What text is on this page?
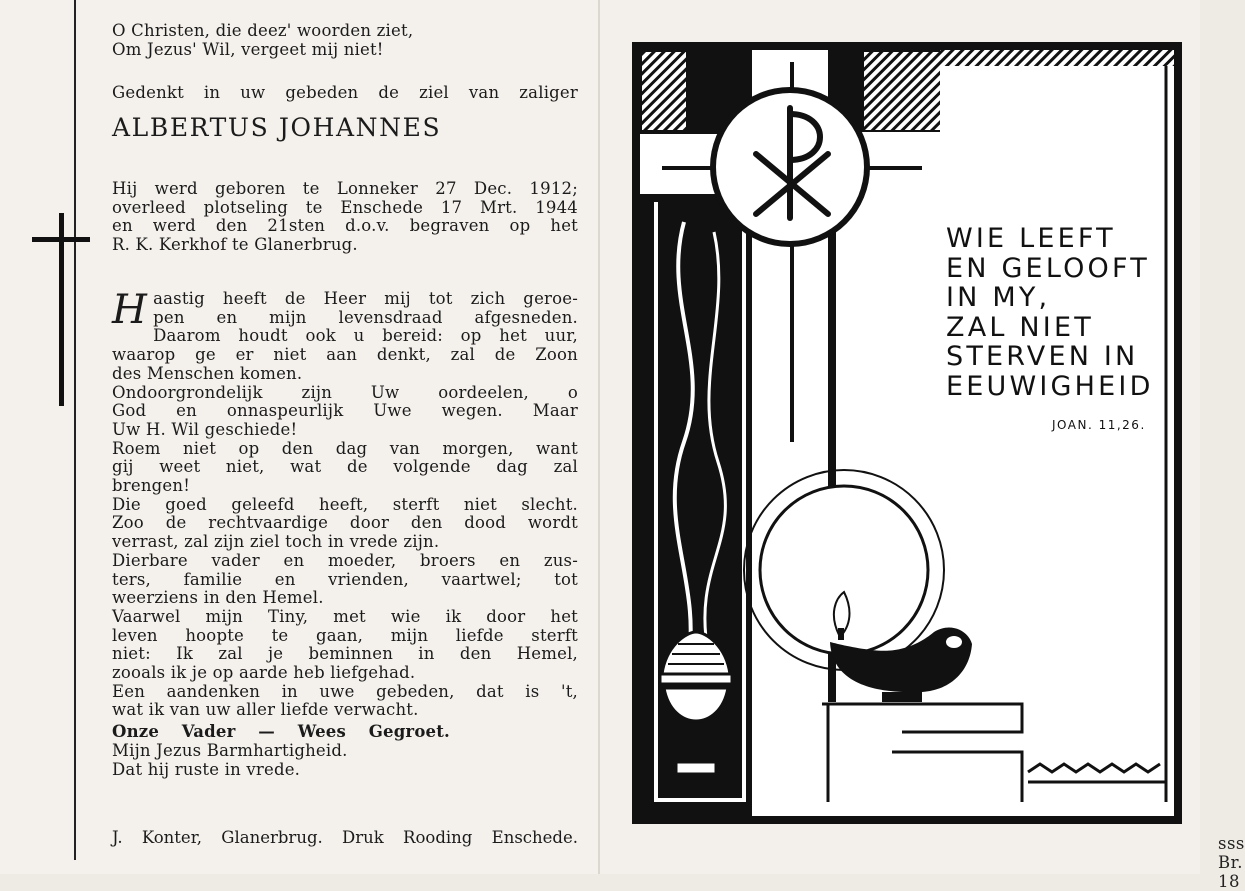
O Christen, die deez' woorden ziet,
Om Jezus' Wil, vergeet mij niet!
Gedenkt in uw gebeden de ziel van zaliger
ALBERTUS JOHANNES
Hij werd geboren te Lonneker 27 Dec. 1912;
overleed plotseling te Enschede 17 Mrt. 1944
en werd den 21sten d.o.v. begraven op het
R. K. Kerkhof te Glanerbrug.
H aastig heeft de Heer mij tot zich geroe-
pen en mijn levensdraad afgesneden.
Daarom houdt ook u bereid: op het uur,
waarop ge er niet aan denkt, zal de Zoon
des Menschen komen.
Ondoorgrondelijk zijn Uw oordeelen, o
God en onnaspeurlijk Uwe wegen. Maar
Uw H. Wil geschiede!
Roem niet op den dag van morgen, want
gij weet niet, wat de volgende dag zal
brengen!
Die goed geleefd heeft, sterft niet slecht.
Zoo de rechtvaardige door den dood wordt
verrast, zal zijn ziel toch in vrede zijn.
Dierbare vader en moeder, broers en zus-
ters, familie en vrienden, vaartwel; tot
weerziens in den Hemel.
Vaarwel mijn Tiny, met wie ik door het
leven hoopte te gaan, mijn liefde sterft
niet: Ik zal je beminnen in den Hemel,
zooals ik je op aarde heb liefgehad.
Een aandenken in uwe gebeden, dat is 't,
wat ik van uw aller liefde verwacht.
Onze Vader — Wees Gegroet.
Mijn Jezus Barmhartigheid.
Dat hij ruste in vrede.
J. Konter, Glanerbrug. Druk Rooding Enschede.	sss Br. 18
WIE LEEFT
EN GELOOFT
IN MY,
ZAL NIET
STERVEN IN
EEUWIGHEID
JOAN. 11,26.
